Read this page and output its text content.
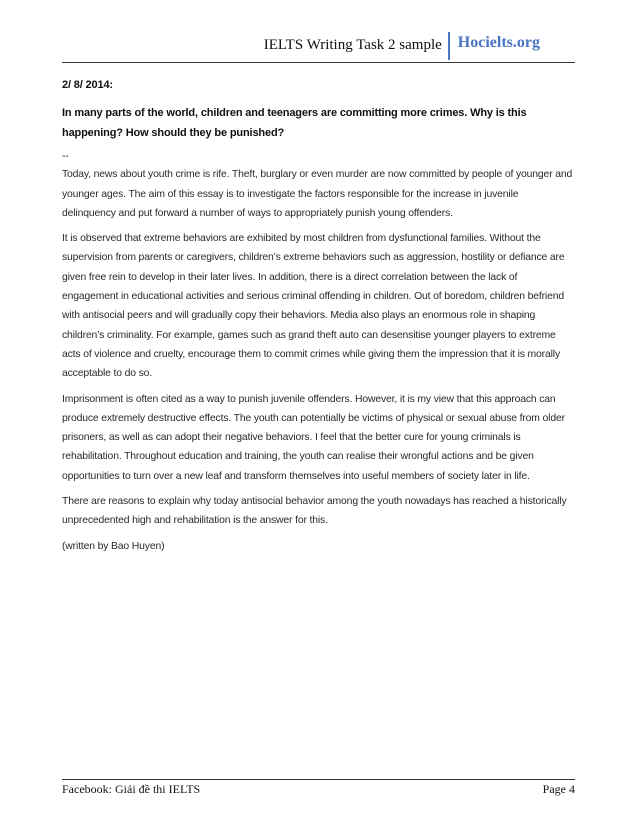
IELTS Writing Task 2 sample	Hocielts.org
2/ 8/ 2014:
In many parts of the world, children and teenagers are committing more crimes. Why is this happening? How should they be punished?
--

Today, news about youth crime is rife. Theft, burglary or even murder are now committed by people of younger and younger ages. The aim of this essay is to investigate the factors responsible for the increase in juvenile delinquency and put forward a number of ways to appropriately punish young offenders.

It is observed that extreme behaviors are exhibited by most children from dysfunctional families. Without the supervision from parents or caregivers, children’s extreme behaviors such as aggression, hostility or defiance are given free rein to develop in their later lives. In addition, there is a direct correlation between the lack of engagement in educational activities and serious criminal offending in children. Out of boredom, children befriend with antisocial peers and will gradually copy their behaviors. Media also plays an enormous role in shaping children’s criminality. For example, games such as grand theft auto can desensitise younger players to extreme acts of violence and cruelty, encourage them to commit crimes while giving them the impression that it is morally acceptable to do so.

Imprisonment is often cited as a way to punish juvenile offenders. However, it is my view that this approach can produce extremely destructive effects. The youth can potentially be victims of physical or sexual abuse from older prisoners, as well as can adopt their negative behaviors. I feel that the better cure for young criminals is rehabilitation. Throughout education and training, the youth can realise their wrongful actions and be given opportunities to turn over a new leaf and transform themselves into useful members of society later in life.

There are reasons to explain why today antisocial behavior among the youth nowadays has reached a historically unprecedented high and rehabilitation is the answer for this.

(written by Bao Huyen)

Facebook: Giải đề thi IELTS	Page 4
